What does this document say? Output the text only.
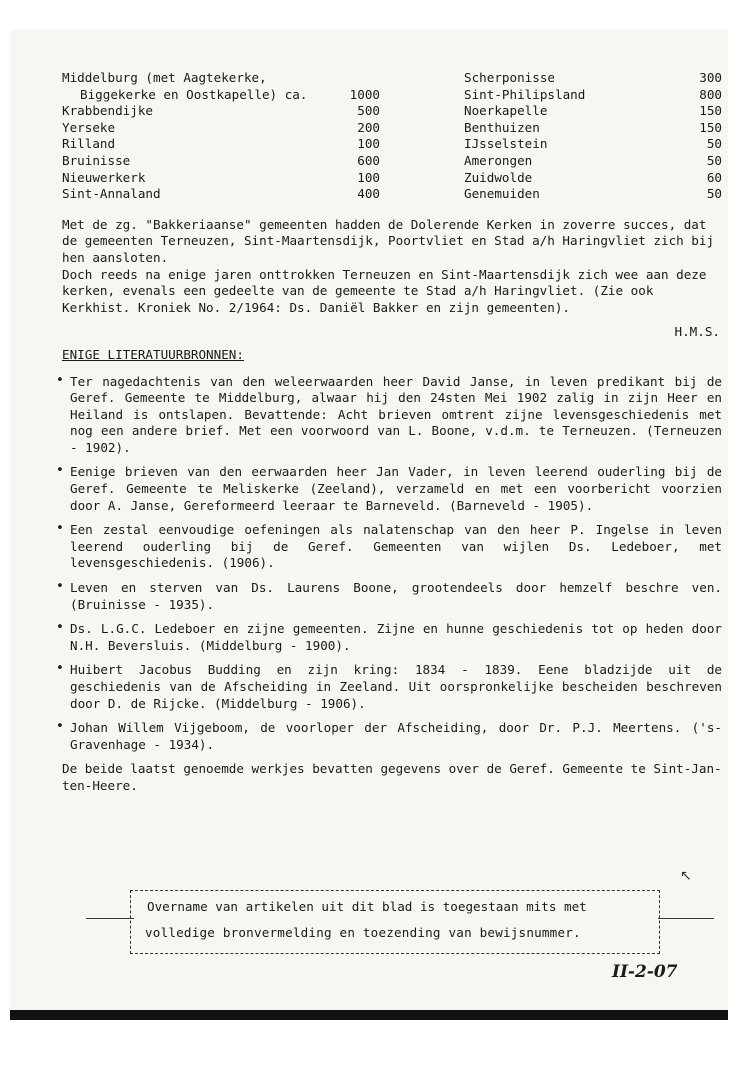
Middelburg (met Aagtekerke,
Biggekerke en Oostkapelle) ca.	1000
Krabbendijke	500
Yerseke	200
Rilland	100
Bruinisse	600
Nieuwerkerk	100
Sint-Annaland	400
Scherponisse	300
Sint-Philipsland	800
Noerkapelle	150
Benthuizen	150
IJsselstein	50
Amerongen	50
Zuidwolde	60
Genemuiden	50

Met de zg. "Bakkeriaanse" gemeenten hadden de Dolerende Kerken in zoverre succes, dat de gemeenten Terneuzen, Sint-Maartensdijk, Poortvliet en Stad a/h Haringvliet zich bij hen aansloten.

Doch reeds na enige jaren onttrokken Terneuzen en Sint-Maartensdijk zich wee aan deze kerken, evenals een gedeelte van de gemeente te Stad a/h Haringvliet. (Zie ook Kerkhist. Kroniek No. 2/1964: Ds. Daniël Bakker en zijn gemeenten).

H.M.S.
ENIGE LITERATUURBRONNEN:
• Ter nagedachtenis van den weleerwaarden heer David Janse, in leven predikant bij de Geref. Gemeente te Middelburg, alwaar hij den 24sten Mei 1902 zalig in zijn Heer en Heiland is ontslapen. Bevattende: Acht brieven omtrent zijne levensgeschiedenis met nog een andere brief. Met een voorwoord van L. Boone, v.d.m. te Terneuzen. (Terneuzen - 1902).
• Eenige brieven van den eerwaarden heer Jan Vader, in leven leerend ouderling bij de Geref. Gemeente te Meliskerke (Zeeland), verzameld en met een voorbericht voorzien door A. Janse, Gereformeerd leeraar te Barneveld. (Barneveld - 1905).
• Een zestal eenvoudige oefeningen als nalatenschap van den heer P. Ingelse in leven leerend ouderling bij de Geref. Gemeenten van wijlen Ds. Ledeboer, met levensgeschiedenis. (1906).
• Leven en sterven van Ds. Laurens Boone, grootendeels door hemzelf beschre ven. (Bruinisse - 1935).
• Ds. L.G.C. Ledeboer en zijne gemeenten. Zijne en hunne geschiedenis tot op heden door N.H. Beversluis. (Middelburg - 1900).
• Huibert Jacobus Budding en zijn kring: 1834 - 1839. Eene bladzijde uit de geschiedenis van de Afscheiding in Zeeland. Uit oorspronkelijke bescheiden beschreven door D. de Rijcke. (Middelburg - 1906).
• Johan Willem Vijgeboom, de voorloper der Afscheiding, door Dr. P.J. Meertens. ('s-Gravenhage - 1934).

De beide laatst genoemde werkjes bevatten gegevens over de Geref. Gemeente te Sint-Jan-ten-Heere.

Overname van artikelen uit dit blad is toegestaan mits met
volledige bronvermelding en toezending van bewijsnummer.
↖
II-2-07
